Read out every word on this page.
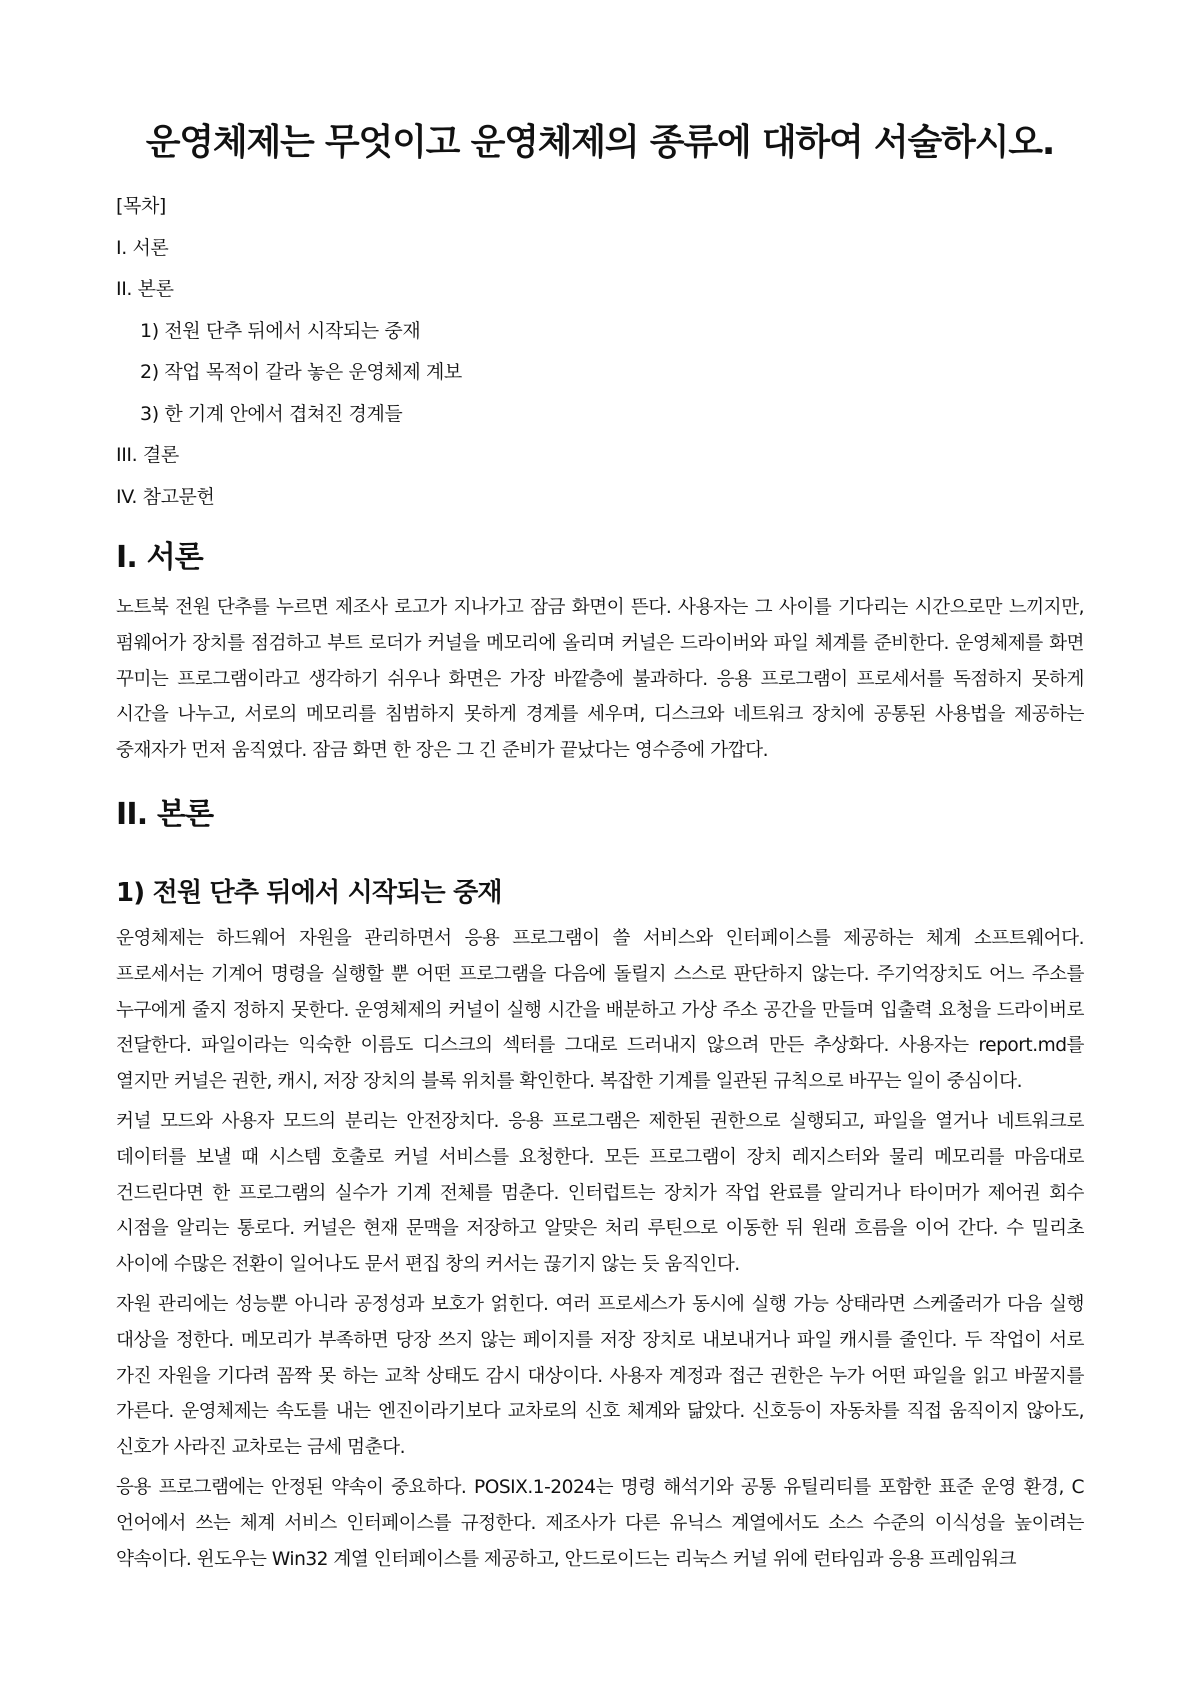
운영체제는 무엇이고 운영체제의 종류에 대하여 서술하시오.
[목차]
I. 서론
II. 본론
1) 전원 단추 뒤에서 시작되는 중재
2) 작업 목적이 갈라 놓은 운영체제 계보
3) 한 기계 안에서 겹쳐진 경계들
III. 결론
IV. 참고문헌
I. 서론

노트북 전원 단추를 누르면 제조사 로고가 지나가고 잠금 화면이 뜬다. 사용자는 그 사이를 기다리는 시간으로만 느끼지만, 펌웨어가 장치를 점검하고 부트 로더가 커널을 메모리에 올리며 커널은 드라이버와 파일 체계를 준비한다. 운영체제를 화면 꾸미는 프로그램이라고 생각하기 쉬우나 화면은 가장 바깥층에 불과하다. 응용 프로그램이 프로세서를 독점하지 못하게 시간을 나누고, 서로의 메모리를 침범하지 못하게 경계를 세우며, 디스크와 네트워크 장치에 공통된 사용법을 제공하는 중재자가 먼저 움직였다. 잠금 화면 한 장은 그 긴 준비가 끝났다는 영수증에 가깝다.

II. 본론
1) 전원 단추 뒤에서 시작되는 중재

운영체제는 하드웨어 자원을 관리하면서 응용 프로그램이 쓸 서비스와 인터페이스를 제공하는 체계 소프트웨어다. 프로세서는 기계어 명령을 실행할 뿐 어떤 프로그램을 다음에 돌릴지 스스로 판단하지 않는다. 주기억장치도 어느 주소를 누구에게 줄지 정하지 못한다. 운영체제의 커널이 실행 시간을 배분하고 가상 주소 공간을 만들며 입출력 요청을 드라이버로 전달한다. 파일이라는 익숙한 이름도 디스크의 섹터를 그대로 드러내지 않으려 만든 추상화다. 사용자는 report.md를 열지만 커널은 권한, 캐시, 저장 장치의 블록 위치를 확인한다. 복잡한 기계를 일관된 규칙으로 바꾸는 일이 중심이다.

커널 모드와 사용자 모드의 분리는 안전장치다. 응용 프로그램은 제한된 권한으로 실행되고, 파일을 열거나 네트워크로 데이터를 보낼 때 시스템 호출로 커널 서비스를 요청한다. 모든 프로그램이 장치 레지스터와 물리 메모리를 마음대로 건드린다면 한 프로그램의 실수가 기계 전체를 멈춘다. 인터럽트는 장치가 작업 완료를 알리거나 타이머가 제어권 회수 시점을 알리는 통로다. 커널은 현재 문맥을 저장하고 알맞은 처리 루틴으로 이동한 뒤 원래 흐름을 이어 간다. 수 밀리초 사이에 수많은 전환이 일어나도 문서 편집 창의 커서는 끊기지 않는 듯 움직인다.

자원 관리에는 성능뿐 아니라 공정성과 보호가 얽힌다. 여러 프로세스가 동시에 실행 가능 상태라면 스케줄러가 다음 실행 대상을 정한다. 메모리가 부족하면 당장 쓰지 않는 페이지를 저장 장치로 내보내거나 파일 캐시를 줄인다. 두 작업이 서로 가진 자원을 기다려 꼼짝 못 하는 교착 상태도 감시 대상이다. 사용자 계정과 접근 권한은 누가 어떤 파일을 읽고 바꿀지를 가른다. 운영체제는 속도를 내는 엔진이라기보다 교차로의 신호 체계와 닮았다. 신호등이 자동차를 직접 움직이지 않아도, 신호가 사라진 교차로는 금세 멈춘다.

응용 프로그램에는 안정된 약속이 중요하다. POSIX.1-2024는 명령 해석기와 공통 유틸리티를 포함한 표준 운영 환경, C 언어에서 쓰는 체계 서비스 인터페이스를 규정한다. 제조사가 다른 유닉스 계열에서도 소스 수준의 이식성을 높이려는 약속이다. 윈도우는 Win32 계열 인터페이스를 제공하고, 안드로이드는 리눅스 커널 위에 런타임과 응용 프레임워크
